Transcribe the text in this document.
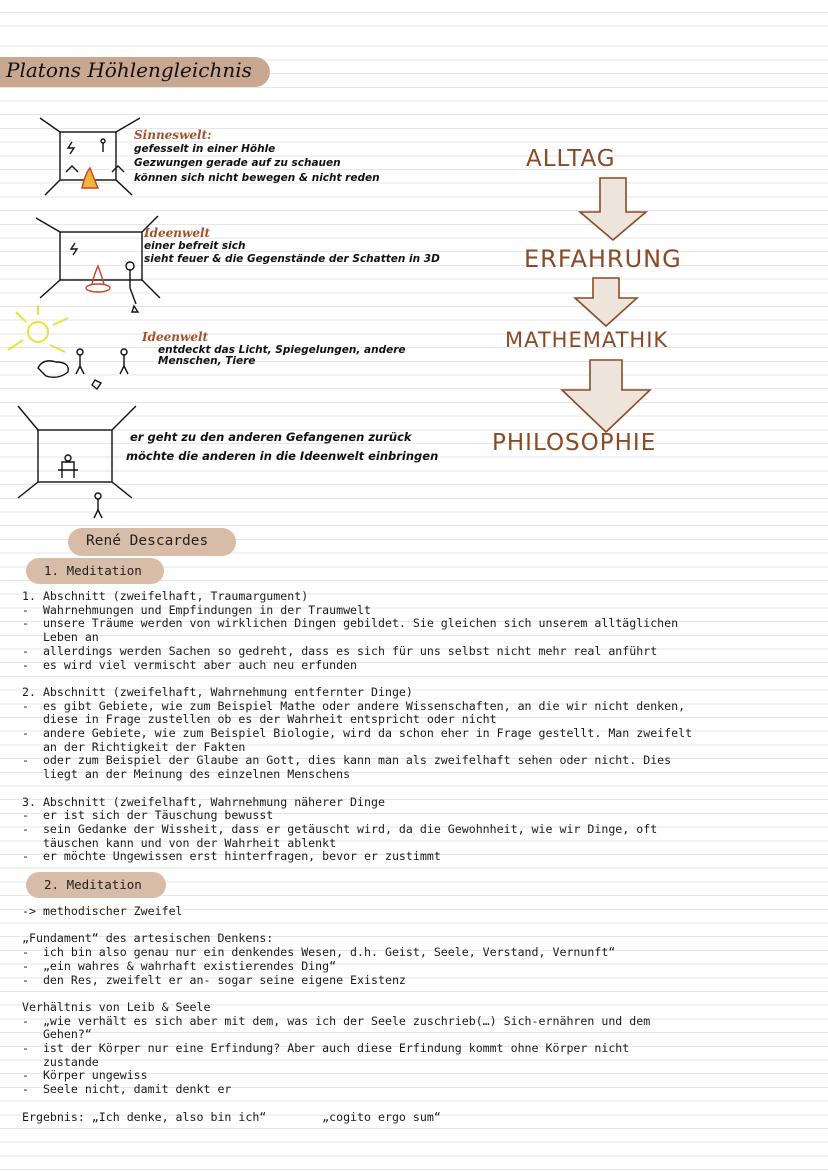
Platons Höhlengleichnis
Sinneswelt:
gefesselt in einer Höhle
Gezwungen gerade auf zu schauen
können sich nicht bewegen & nicht reden
Ideenwelt
einer befreit sich
sieht feuer & die Gegenstände der Schatten in 3D
Ideenwelt
entdeckt das Licht, Spiegelungen, andere
Menschen, Tiere
er geht zu den anderen Gefangenen zurück
möchte die anderen in die Ideenwelt einbringen
ALLTAG
ERFAHRUNG
MATHEMATHIK
PHILOSOPHIE
René Descardes
1. Meditation
1. Abschnitt (zweifelhaft, Traumargument)
-  Wahrnehmungen und Empfindungen in der Traumwelt
-  unsere Träume werden von wirklichen Dingen gebildet. Sie gleichen sich unserem alltäglichen
Leben an
-  allerdings werden Sachen so gedreht, dass es sich für uns selbst nicht mehr real anführt
-  es wird viel vermischt aber auch neu erfunden

2. Abschnitt (zweifelhaft, Wahrnehmung entfernter Dinge)
-  es gibt Gebiete, wie zum Beispiel Mathe oder andere Wissenschaften, an die wir nicht denken,
diese in Frage zustellen ob es der Wahrheit entspricht oder nicht
-  andere Gebiete, wie zum Beispiel Biologie, wird da schon eher in Frage gestellt. Man zweifelt
an der Richtigkeit der Fakten
-  oder zum Beispiel der Glaube an Gott, dies kann man als zweifelhaft sehen oder nicht. Dies
liegt an der Meinung des einzelnen Menschens

3. Abschnitt (zweifelhaft, Wahrnehmung näherer Dinge
-  er ist sich der Täuschung bewusst
-  sein Gedanke der Wissheit, dass er getäuscht wird, da die Gewohnheit, wie wir Dinge, oft
täuschen kann und von der Wahrheit ablenkt
-  er möchte Ungewissen erst hinterfragen, bevor er zustimmt
2. Meditation
-> methodischer Zweifel

„Fundament“ des artesischen Denkens:
-  ich bin also genau nur ein denkendes Wesen, d.h. Geist, Seele, Verstand, Vernunft“
-  „ein wahres & wahrhaft existierendes Ding“
-  den Res, zweifelt er an- sogar seine eigene Existenz

Verhältnis von Leib & Seele
-  „wie verhält es sich aber mit dem, was ich der Seele zuschrieb(…) Sich-ernähren und dem
Gehen?“
-  ist der Körper nur eine Erfindung? Aber auch diese Erfindung kommt ohne Körper nicht
zustande
-  Körper ungewiss
-  Seele nicht, damit denkt er

Ergebnis: „Ich denke, also bin ich“        „cogito ergo sum“
